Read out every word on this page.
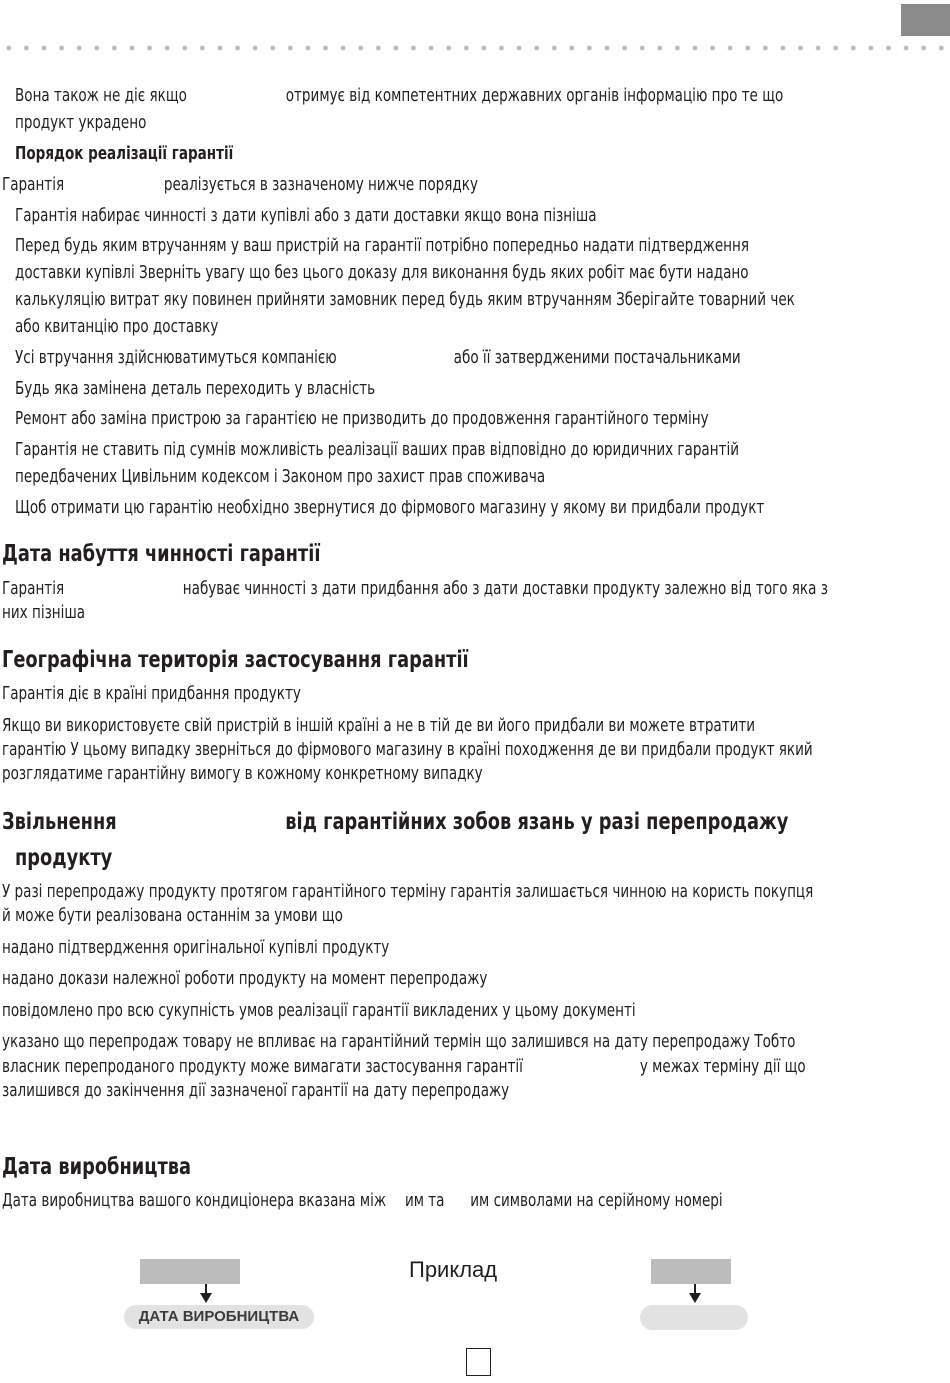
Вона також не діє якщо	отримує від компетентних державних органів інформацію про те що
продукт украдено
Порядок реалізації гарантії
Гарантія	реалізується в зазначеному нижче порядку
Гарантія набирає чинності з дати купівлі або з дати доставки якщо вона пізніша
Перед будь яким втручанням у ваш пристрій на гарантії потрібно попередньо надати підтвердження
доставки купівлі Зверніть увагу що без цього доказу для виконання будь яких робіт має бути надано
калькуляцію витрат яку повинен прийняти замовник перед будь яким втручанням Зберігайте товарний чек
або квитанцію про доставку
Усі втручання здійснюватимуться компанією	або її затвердженими постачальниками
Будь яка замінена деталь переходить у власність
Ремонт або заміна пристрою за гарантією не призводить до продовження гарантійного терміну
Гарантія не ставить під сумнів можливість реалізації ваших прав відповідно до юридичних гарантій
передбачених Цивільним кодексом і Законом про захист прав споживача
Щоб отримати цю гарантію необхідно звернутися до фірмового магазину у якому ви придбали продукт
Дата набуття чинності гарантії
Гарантія	набуває чинності з дати придбання або з дати доставки продукту залежно від того яка з
них пізніша
Географічна територія застосування гарантії
Гарантія діє в країні придбання продукту
Якщо ви використовуєте свій пристрій в іншій країні а не в тій де ви його придбали ви можете втратити
гарантію У цьому випадку зверніться до фірмового магазину в країні походження де ви придбали продукт який
розглядатиме гарантійну вимогу в кожному конкретному випадку
Звільнення	від гарантійних зобов язань у разі перепродажу
продукту
У разі перепродажу продукту протягом гарантійного терміну гарантія залишається чинною на користь покупця
й може бути реалізована останнім за умови що
надано підтвердження оригінальної купівлі продукту
надано докази належної роботи продукту на момент перепродажу
повідомлено про всю сукупність умов реалізації гарантії викладених у цьому документі
указано що перепродаж товару не впливає на гарантійний термін що залишився на дату перепродажу Тобто
власник перепроданого продукту може вимагати застосування гарантії	у межах терміну дії що
залишився до закінчення дії зазначеної гарантії на дату перепродажу
Дата виробництва
Дата виробництва вашого кондиціонера вказана між им та им символами на серійному номері
ДАТА ВИРОБНИЦТВА
Приклад
